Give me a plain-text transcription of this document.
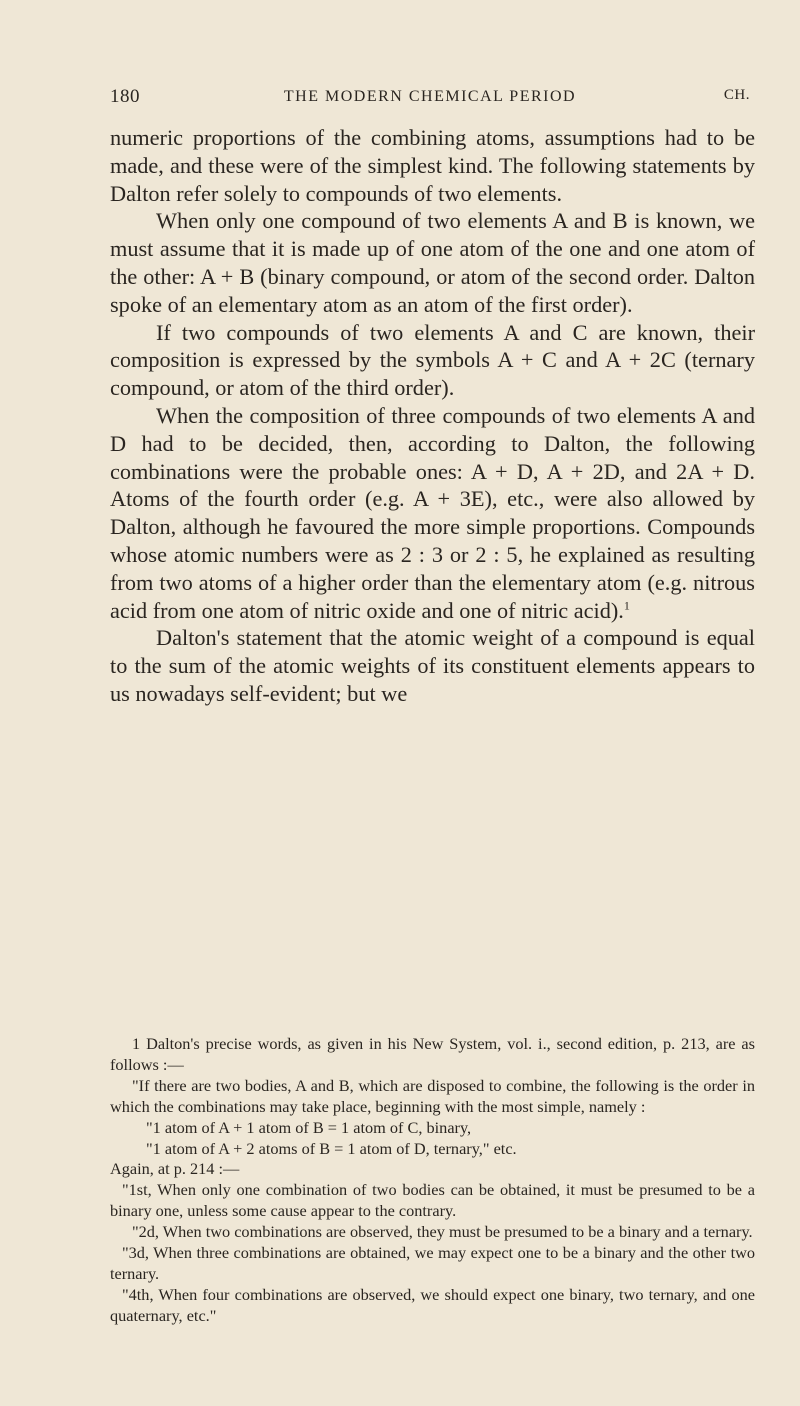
180	THE MODERN CHEMICAL PERIOD	CH.

numeric proportions of the combining atoms, assumptions had to be made, and these were of the simplest kind. The following statements by Dalton refer solely to compounds of two elements.

When only one compound of two elements A and B is known, we must assume that it is made up of one atom of the one and one atom of the other: A + B (binary compound, or atom of the second order. Dalton spoke of an elementary atom as an atom of the first order).

If two compounds of two elements A and C are known, their composition is expressed by the symbols A + C and A + 2C (ternary compound, or atom of the third order).

When the composition of three compounds of two elements A and D had to be decided, then, according to Dalton, the following combinations were the probable ones: A + D, A + 2D, and 2A + D. Atoms of the fourth order (e.g. A + 3E), etc., were also allowed by Dalton, although he favoured the more simple proportions. Compounds whose atomic numbers were as 2 : 3 or 2 : 5, he explained as resulting from two atoms of a higher order than the elementary atom (e.g. nitrous acid from one atom of nitric oxide and one of nitric acid).$^1$

Dalton's statement that the atomic weight of a compound is equal to the sum of the atomic weights of its constituent elements appears to us nowadays self-evident; but we

1 Dalton's precise words, as given in his New System, vol. i., second edition, p. 213, are as follows :—

"If there are two bodies, A and B, which are disposed to combine, the following is the order in which the combinations may take place, beginning with the most simple, namely :

"1 atom of A + 1 atom of B = 1 atom of C, binary,

"1 atom of A + 2 atoms of B = 1 atom of D, ternary," etc.

Again, at p. 214 :—

"1st, When only one combination of two bodies can be obtained, it must be presumed to be a binary one, unless some cause appear to the contrary.

"2d, When two combinations are observed, they must be presumed to be a binary and a ternary.

"3d, When three combinations are obtained, we may expect one to be a binary and the other two ternary.

"4th, When four combinations are observed, we should expect one binary, two ternary, and one quaternary, etc."
